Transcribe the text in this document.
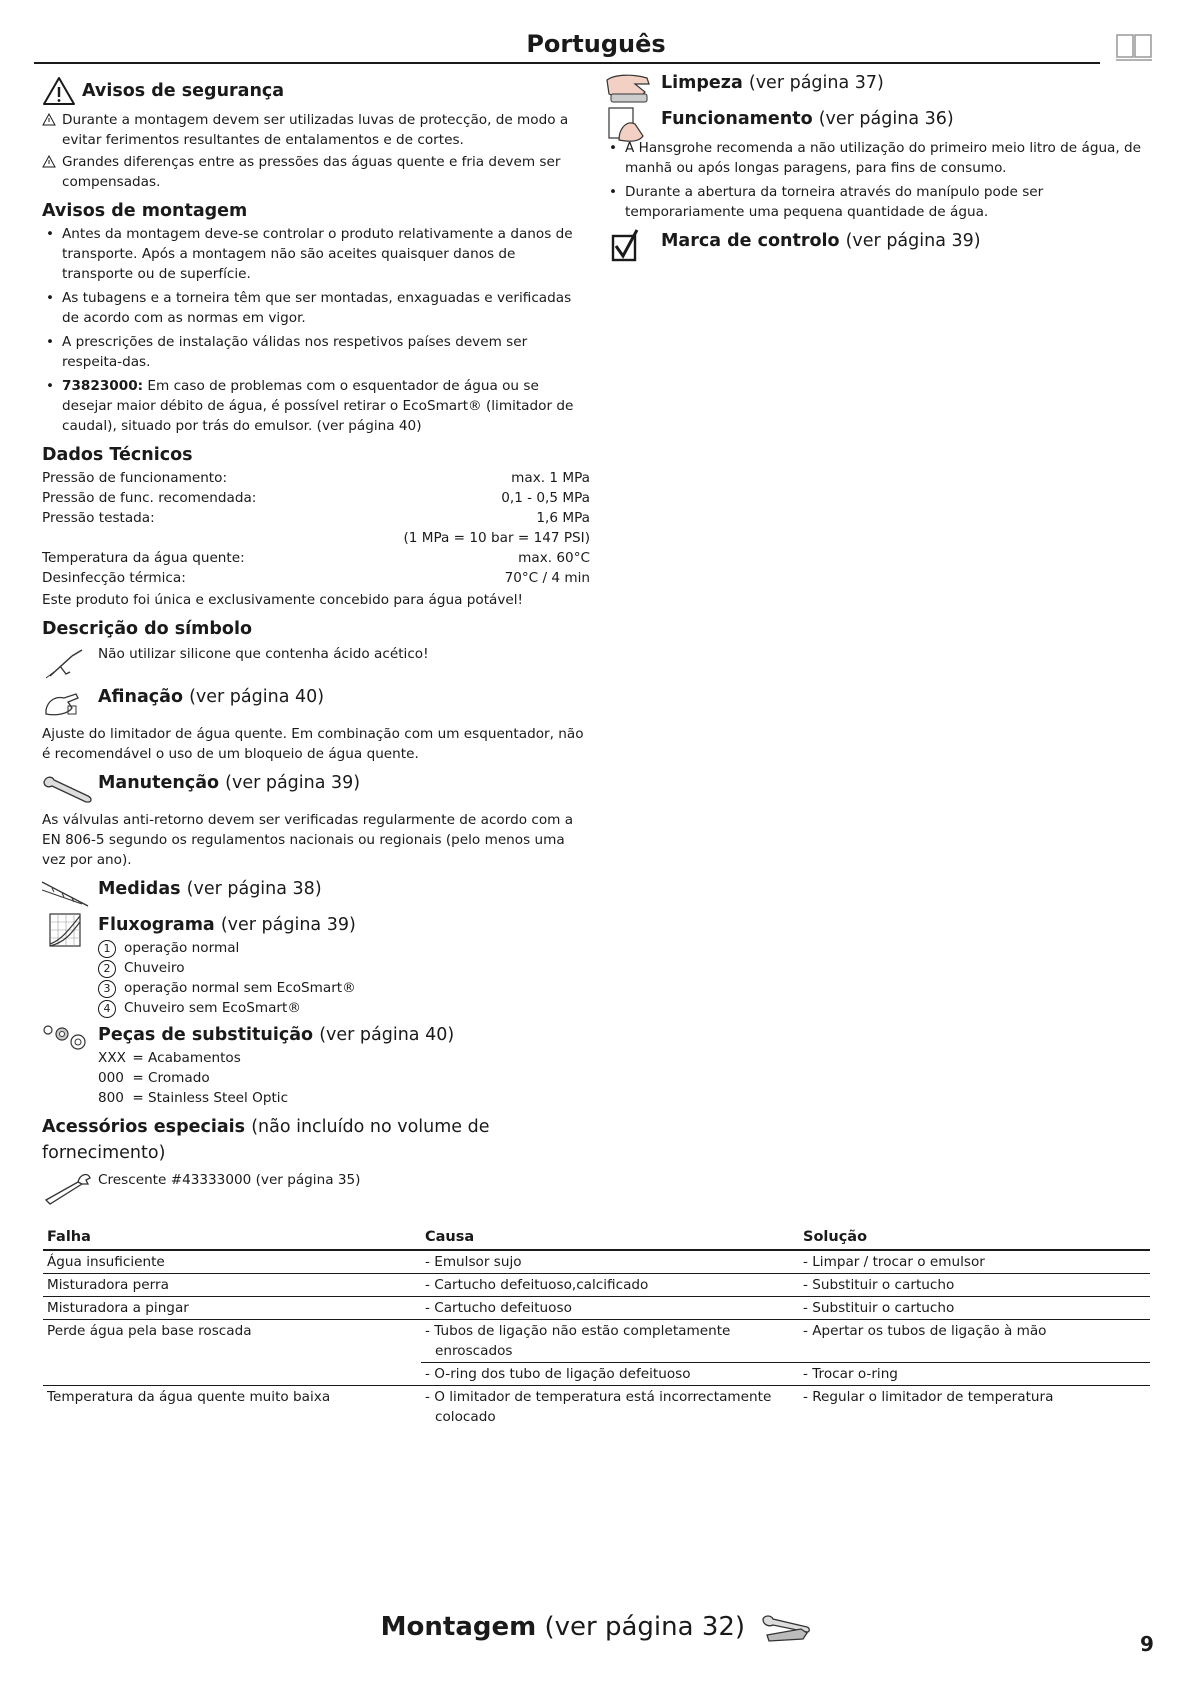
Português
Avisos de segurança
Durante a montagem devem ser utilizadas luvas de protecção, de modo a evitar ferimentos resultantes de entalamentos e de cortes.
Grandes diferenças entre as pressões das águas quente e fria devem ser compensadas.
Avisos de montagem
• Antes da montagem deve-se controlar o produto relativamente a danos de transporte. Após a montagem não são aceites quaisquer danos de transporte ou de superfície.
• As tubagens e a torneira têm que ser montadas, enxaguadas e verificadas de acordo com as normas em vigor.
• A prescrições de instalação válidas nos respetivos países devem ser respeita-das.
• 73823000: Em caso de problemas com o esquentador de água ou se desejar maior débito de água, é possível retirar o EcoSmart® (limitador de caudal), situado por trás do emulsor. (ver página 40)
Dados Técnicos
Pressão de funcionamento:	max. 1 MPa
Pressão de func. recomendada:	0,1 - 0,5 MPa
Pressão testada:	1,6 MPa
(1 MPa = 10 bar = 147 PSI)
Temperatura da água quente:	max. 60°C
Desinfecção térmica:	70°C / 4 min
Este produto foi única e exclusivamente concebido para água potável!
Descrição do símbolo
Não utilizar silicone que contenha ácido acético!
Afinação (ver página 40)
Ajuste do limitador de água quente. Em combinação com um esquentador, não é recomendável o uso de um bloqueio de água quente.
Manutenção (ver página 39)
As válvulas anti-retorno devem ser verificadas regularmente de acordo com a EN 806-5 segundo os regulamentos nacionais ou regionais (pelo menos uma vez por ano).
Medidas (ver página 38)
Fluxograma (ver página 39)
1 operação normal
2 Chuveiro
3 operação normal sem EcoSmart®
4 Chuveiro sem EcoSmart®
Peças de substituição (ver página 40)
XXX = Acabamentos
000 = Cromado
800 = Stainless Steel Optic
Acessórios especiais (não incluído no volume de fornecimento)
Crescente #43333000 (ver página 35)
Limpeza (ver página 37)
Funcionamento (ver página 36)
• A Hansgrohe recomenda a não utilização do primeiro meio litro de água, de manhã ou após longas paragens, para fins de consumo.
• Durante a abertura da torneira através do manípulo pode ser temporariamente uma pequena quantidade de água.
Marca de controlo (ver página 39)
Falha	Causa	Solução
Água insuficiente	- Emulsor sujo	- Limpar / trocar o emulsor
Misturadora perra	- Cartucho defeituoso,calcificado	- Substituir o cartucho
Misturadora a pingar	- Cartucho defeituoso	- Substituir o cartucho
Perde água pela base roscada	- Tubos de ligação não estão completamente enroscados	- Apertar os tubos de ligação à mão

	- O-ring dos tubo de ligação defeituoso	- Trocar o-ring
Temperatura da água quente muito baixa	- O limitador de temperatura está incorrectamente colocado	- Regular o limitador de temperatura
Montagem (ver página 32)
9
